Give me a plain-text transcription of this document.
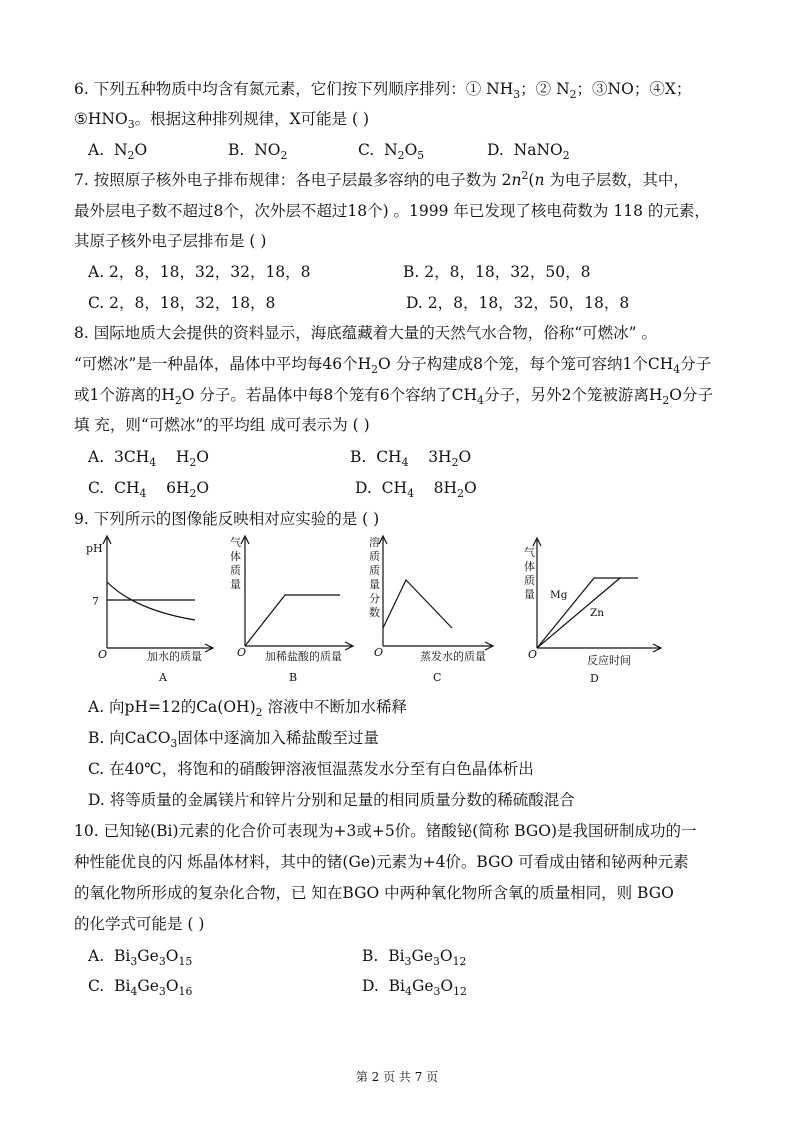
6. 下列五种物质中均含有氮元素，它们按下列顺序排列：① $NH_3$；② $N_2$；③NO；④X；
$⑤HNO_3$。根据这种排列规律，X可能是 ( )
A. $N_2O$	B. $NO_2$	C. $N_2O_5$	D. NaNO$_2$
7. 按照原子核外电子排布规律：各电子层最多容纳的电子数为 $2n^2(n$ 为电子层数，其中，
最外层电子数不超过8个，次外层不超过18个) 。1999 年已发现了核电荷数为 118 的元素，
其原子核外电子层排布是 ( )
A. 2，8，18，32，32，18，8	B. 2，8，18，32，50，8
C. 2，8，18，32，18，8	D. 2，8，18，32，50，18，8
8. 国际地质大会提供的资料显示，海底蕴藏着大量的天然气水合物，俗称“可燃冰” 。
“可燃冰”是一种晶体，晶体中平均每46个$H_2O$ 分子构建成8个笼，每个笼可容纳1个$CH_4$分子
或1个游离的$H_2O$ 分子。若晶体中每8个笼有6个容纳了$CH_4$分子，另外2个笼被游离$H_2O$分子
填 充，则“可燃冰”的平均组 成可表示为 ( )
A. $3CH_4$    $H_2O$	B. $CH_4$    $3H_2O$
C. $CH_4$    $6H_2O$	D. $CH_4$    $8H_2O$
9. 下列所示的图像能反映相对应实验的是 ( )
pH
7
O	加水的质量
A
气
体
质
量
O 加稀盐酸的质量
B
溶
质
质
量
分
数
O	蒸发水的质量
C
气
体
质
量 Mg
Zn
O	反应时间
D
A. 向pH=12的$Ca(OH)_2$ 溶液中不断加水稀释
B. 向CaCO$_3$固体中逐滴加入稀盐酸至过量
C. 在40℃，将饱和的硝酸钾溶液恒温蒸发水分至有白色晶体析出
D. 将等质量的金属镁片和锌片分别和足量的相同质量分数的稀硫酸混合
10. 已知铋(Bi)元素的化合价可表现为+3或+5价。锗酸铋(简称 BGO)是我国研制成功的一
种性能优良的闪 烁晶体材料，其中的锗(Ge)元素为+4价。BGO 可看成由锗和铋两种元素
的氧化物所形成的复杂化合物，已 知在BGO 中两种氧化物所含氧的质量相同，则 BGO
的化学式可能是 ( )
A. $Bi_3Ge_3O_{15}$	B. $Bi_3Ge_3O_{12}$
C. $Bi_4Ge_3O_{16}$	D. $Bi_4Ge_3O_{12}$
第 2 页 共 7 页
